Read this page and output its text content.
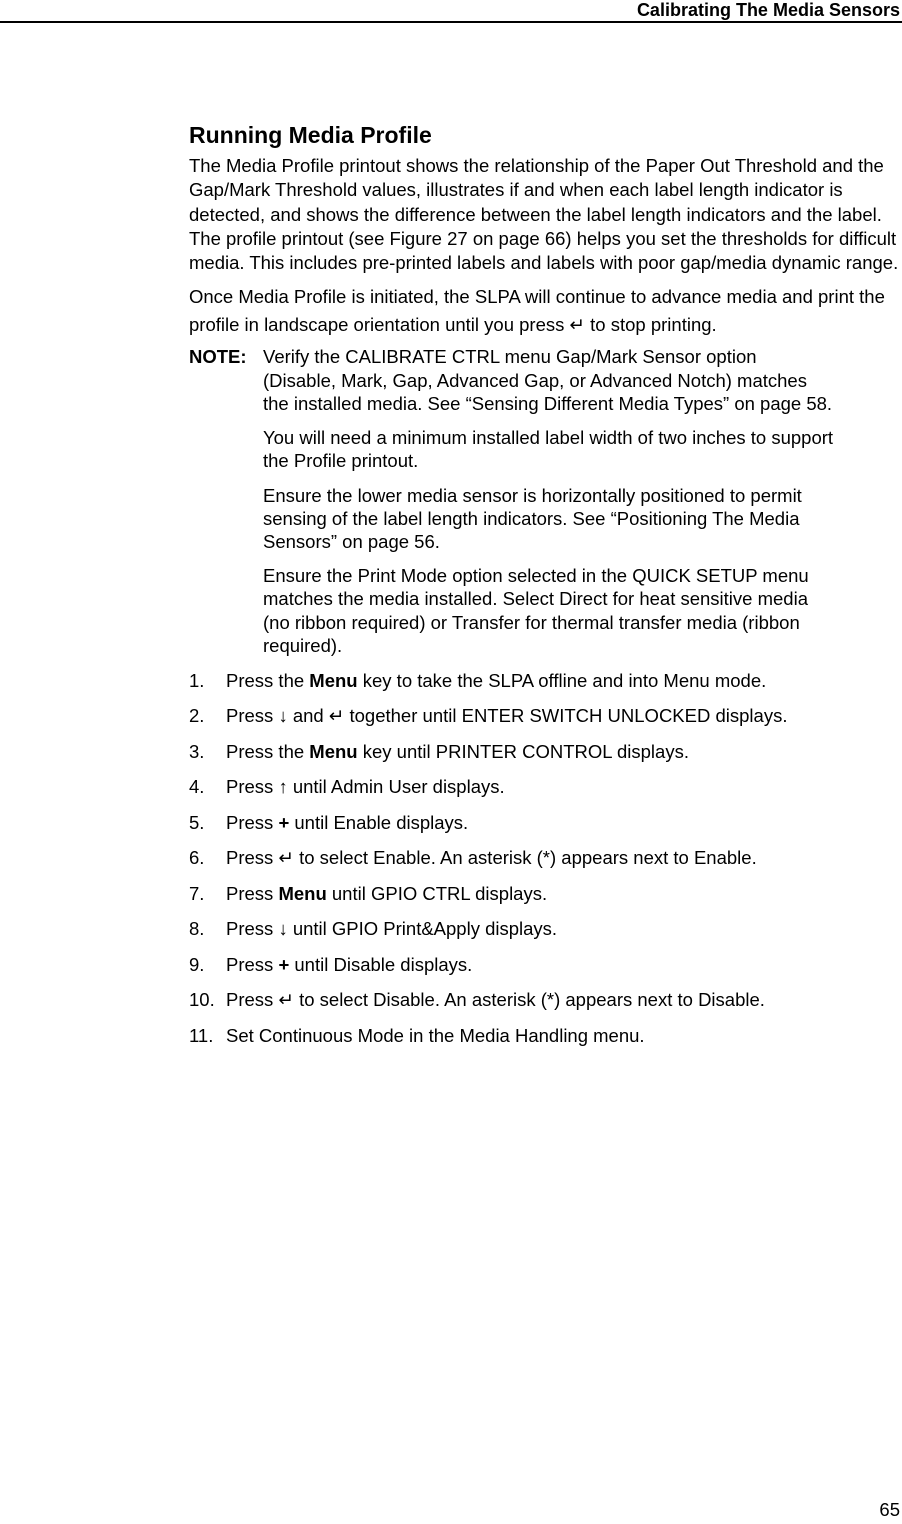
Calibrating The Media Sensors
Running Media Profile

The Media Profile printout shows the relationship of the Paper Out Threshold and the Gap/Mark Threshold values, illustrates if and when each label length indicator is detected, and shows the difference between the label length indicators and the label. The profile printout (see Figure 27 on page 66) helps you set the thresholds for difficult media. This includes pre-printed labels and labels with poor gap/media dynamic range.

Once Media Profile is initiated, the SLPA will continue to advance media and print the profile in landscape orientation until you press ↵ to stop printing.

NOTE: Verify the CALIBRATE CTRL menu Gap/Mark Sensor option
(Disable, Mark, Gap, Advanced Gap, or Advanced Notch) matches
the installed media. See “Sensing Different Media Types” on page 58.

You will need a minimum installed label width of two inches to support
the Profile printout.

Ensure the lower media sensor is horizontally positioned to permit
sensing of the label length indicators. See “Positioning The Media
Sensors” on page 56.

Ensure the Print Mode option selected in the QUICK SETUP menu
matches the media installed. Select Direct for heat sensitive media
(no ribbon required) or Transfer for thermal transfer media (ribbon
required).

1.	Press the Menu key to take the SLPA offline and into Menu mode.
2.	Press ↓ and ↵ together until ENTER SWITCH UNLOCKED displays.
3.	Press the Menu key until PRINTER CONTROL displays.
4.	Press ↑ until Admin User displays.
5.	Press + until Enable displays.
6.	Press ↵ to select Enable. An asterisk (*) appears next to Enable.
7.	Press Menu until GPIO CTRL displays.
8.	Press ↓ until GPIO Print&Apply displays.
9.	Press + until Disable displays.
10. Press ↵ to select Disable. An asterisk (*) appears next to Disable.
11. Set Continuous Mode in the Media Handling menu.
65
